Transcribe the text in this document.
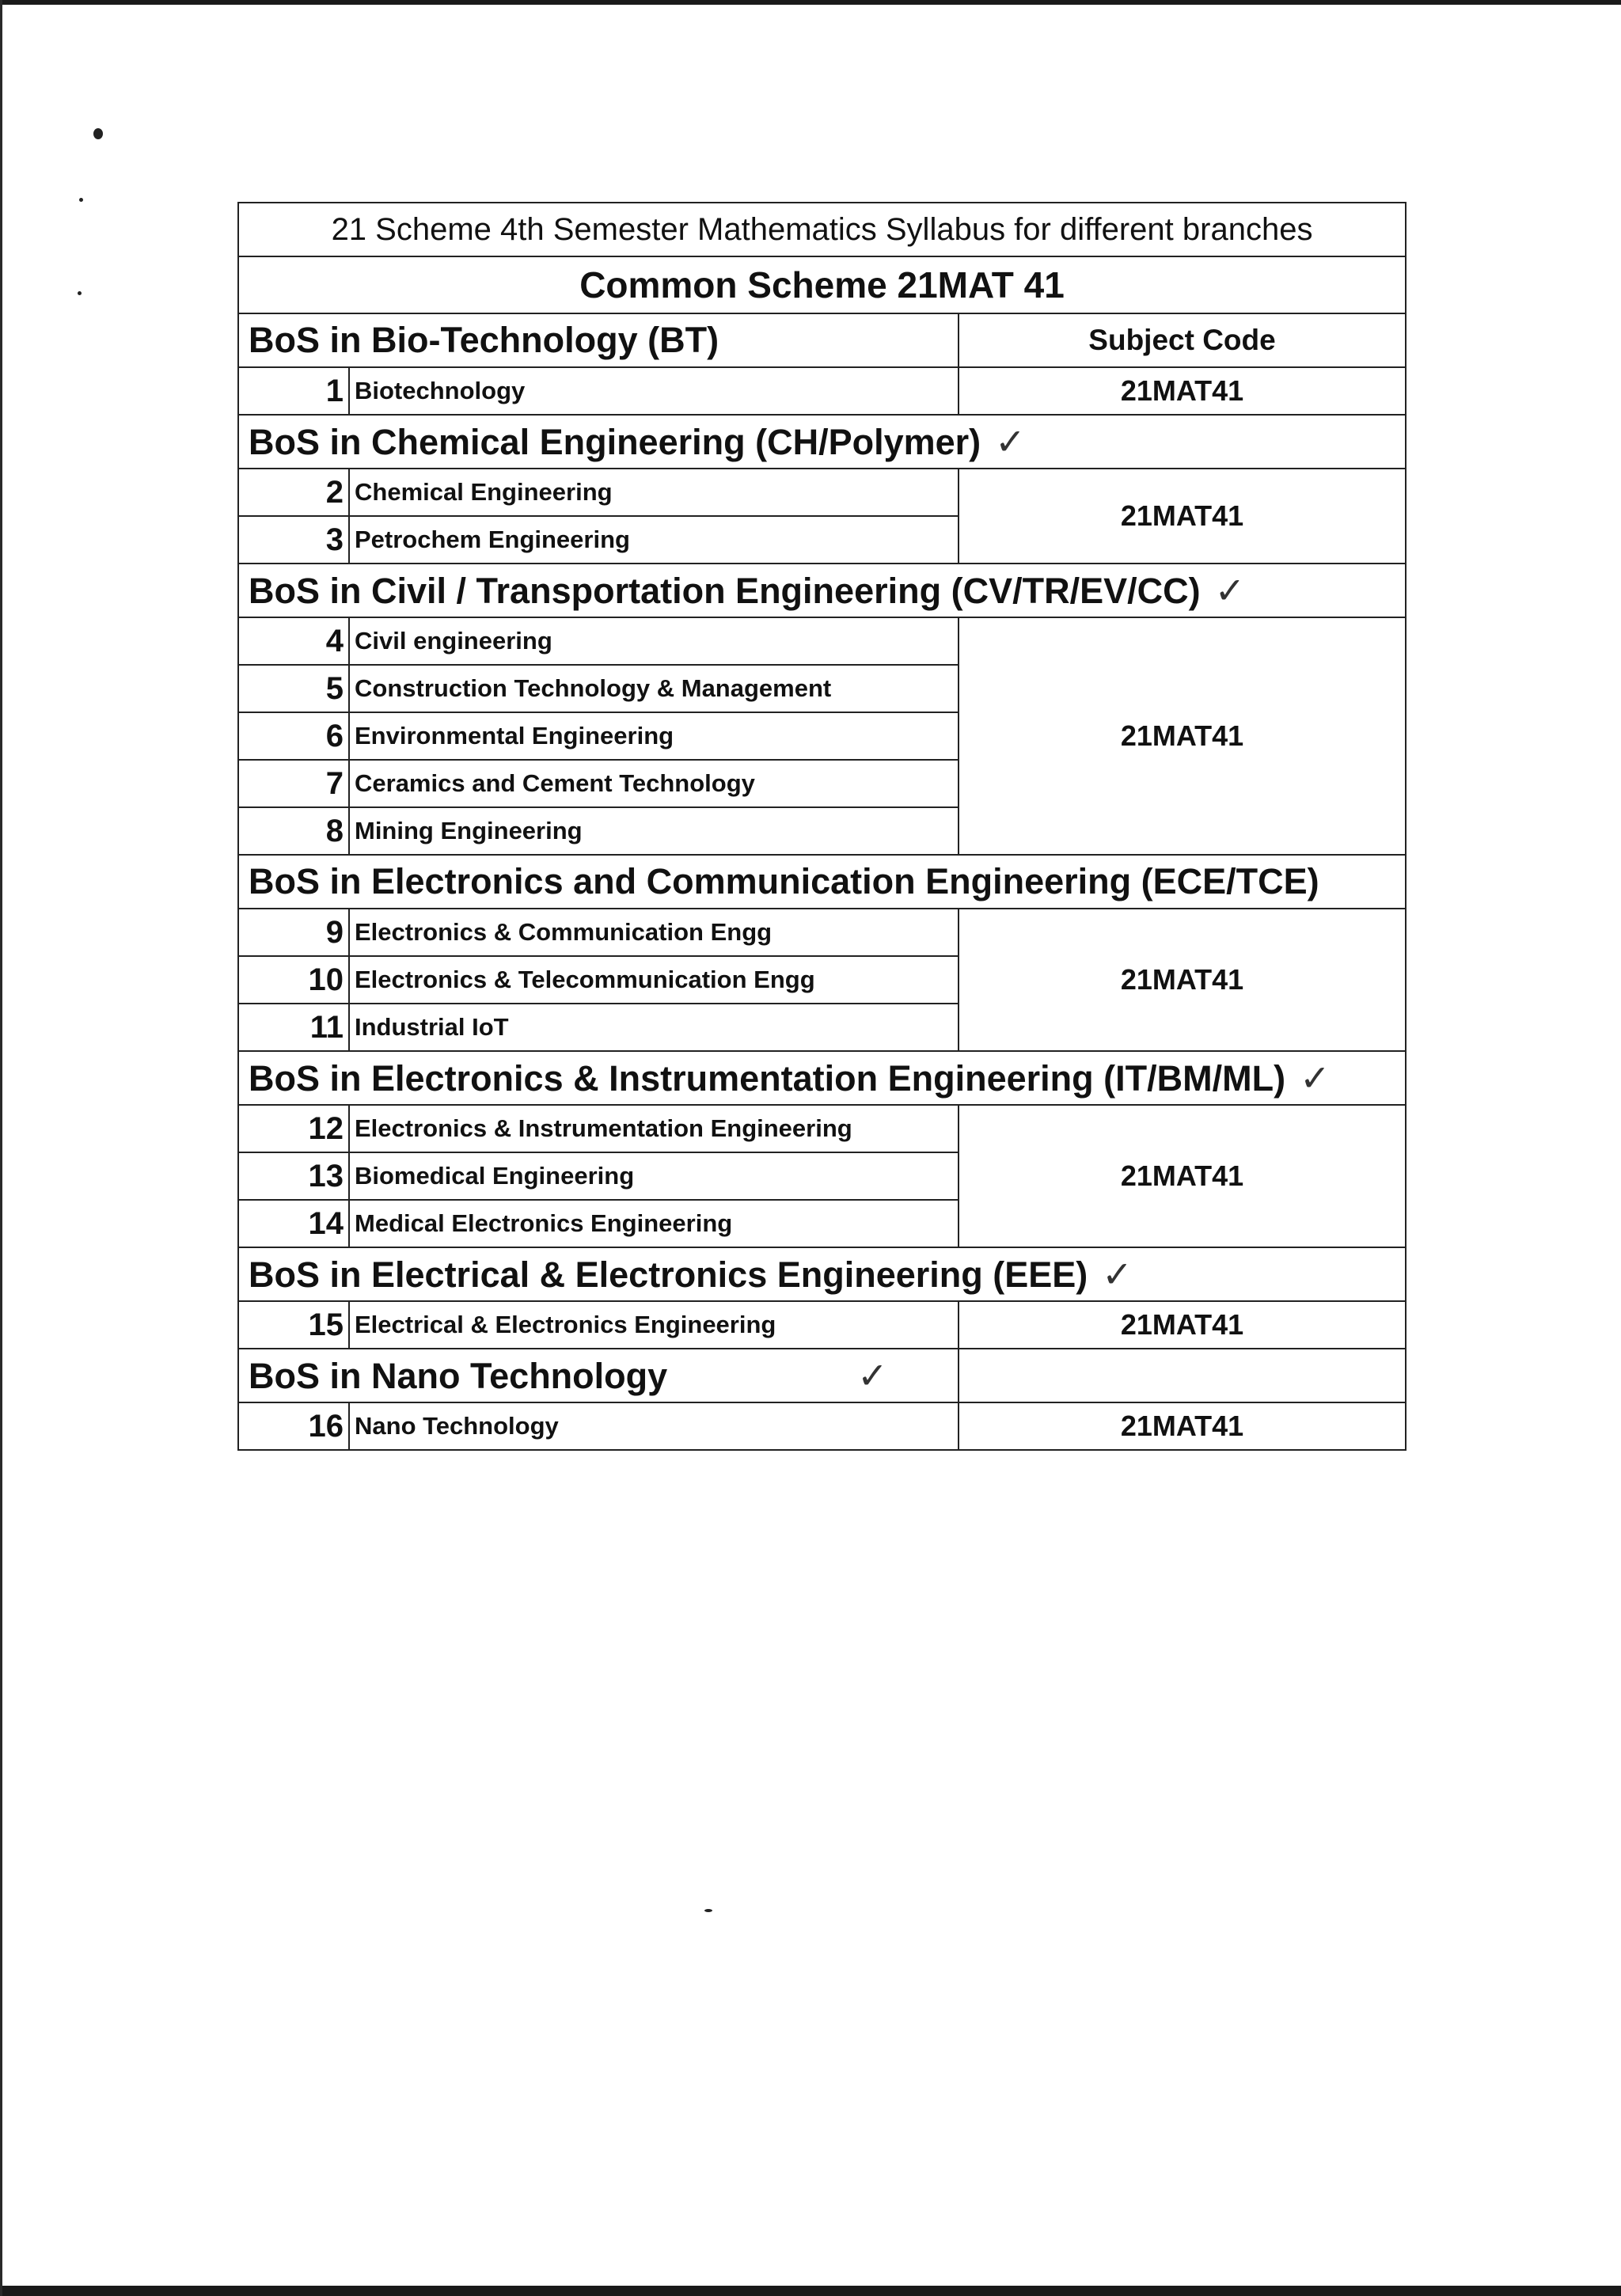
21 Scheme 4th Semester Mathematics Syllabus for different branches		
Common Scheme 21MAT 41		
BoS in Bio-Technology (BT)		Subject Code
1	Biotechnology	21MAT41
BoS in Chemical Engineering (CH/Polymer) ✓		
2	Chemical Engineering	21MAT41
3	Petrochem Engineering	
BoS in Civil / Transportation Engineering (CV/TR/EV/CC) ✓		
4	Civil engineering	21MAT41
5	Construction Technology & Management	
6	Environmental Engineering	
7	Ceramics and Cement Technology	
8	Mining Engineering	
BoS in Electronics and Communication Engineering (ECE/TCE)		
9	Electronics & Communication Engg	21MAT41
10	Electronics & Telecommunication Engg	
11	Industrial IoT	
BoS in Electronics & Instrumentation Engineering (IT/BM/ML) ✓		
12	Electronics & Instrumentation Engineering	21MAT41
13	Biomedical Engineering	
14	Medical Electronics Engineering	
BoS in Electrical & Electronics Engineering (EEE) ✓		
15	Electrical & Electronics Engineering	21MAT41
BoS in Nano Technology ✓		
16	Nano Technology	21MAT41
